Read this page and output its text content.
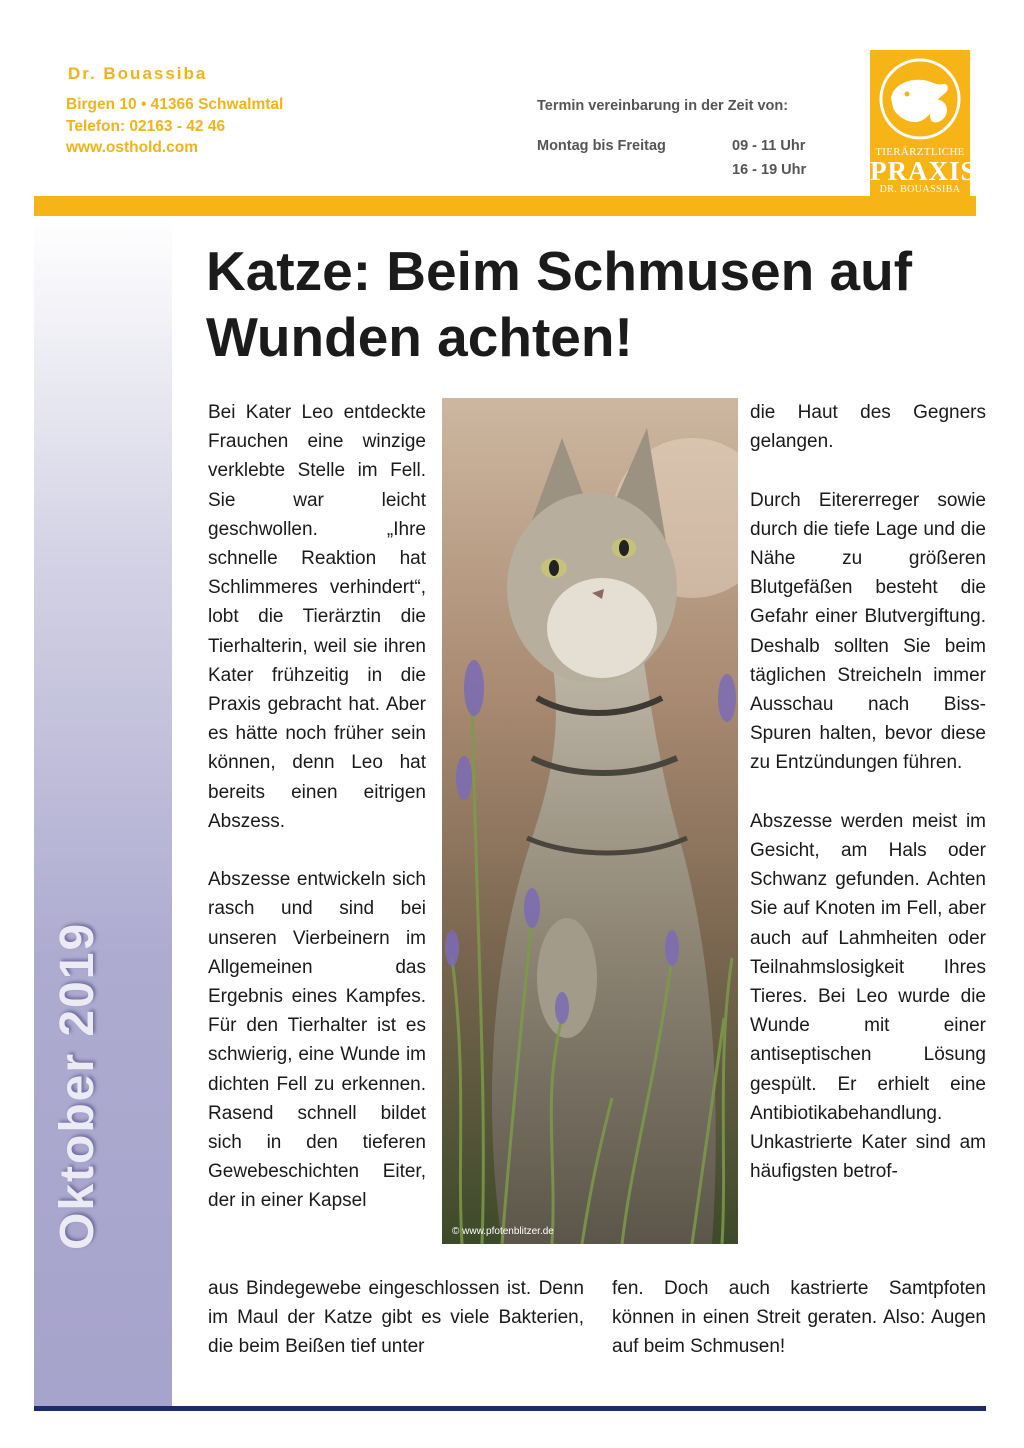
Dr. Bouassiba
Birgen 10 • 41366 Schwalmtal
Telefon: 02163 - 42 46
www.osthold.com
Termin vereinbarung in der Zeit von:
Montag bis Freitag	09 - 11 Uhr
16 - 19 Uhr
TIERÄRZTLICHE
PRAXIS
DR. BOUASSIBA
Oktober 2019
Katze: Beim Schmusen auf Wunden achten!
© www.pfotenblitzer.de

Bei Kater Leo entdeckte Frauchen eine winzige verklebte Stelle im Fell. Sie war leicht geschwollen. „Ihre schnelle Reaktion hat Schlimmeres verhindert“, lobt die Tierärztin die Tierhalterin, weil sie ihren Kater frühzeitig in die Praxis gebracht hat. Aber es hätte noch früher sein können, denn Leo hat bereits einen eitrigen Abszess.

Abszesse entwickeln sich rasch und sind bei unseren Vierbeinern im Allgemeinen das Ergebnis eines Kampfes. Für den Tierhalter ist es schwierig, eine Wunde im dichten Fell zu erkennen. Rasend schnell bildet sich in den tieferen Gewebeschichten Eiter, der in einer Kapsel

aus Bindegewebe eingeschlossen ist. Denn im Maul der Katze gibt es viele Bakterien, die beim Beißen tief unter

die Haut des Gegners gelangen.

Durch Eitererreger sowie durch die tiefe Lage und die Nähe zu größeren Blutgefäßen besteht die Gefahr einer Blutvergiftung. Deshalb sollten Sie beim täglichen Streicheln immer Ausschau nach Biss-Spuren halten, bevor diese zu Entzündungen führen.

Abszesse werden meist im Gesicht, am Hals oder Schwanz gefunden. Achten Sie auf Knoten im Fell, aber auch auf Lahmheiten oder Teilnahmslosigkeit Ihres Tieres. Bei Leo wurde die Wunde mit einer antiseptischen Lösung gespült. Er erhielt eine Antibiotikabehandlung. Unkastrierte Kater sind am häufigsten betrof-

fen. Doch auch kastrierte Samtpfoten können in einen Streit geraten. Also: Augen auf beim Schmusen!
